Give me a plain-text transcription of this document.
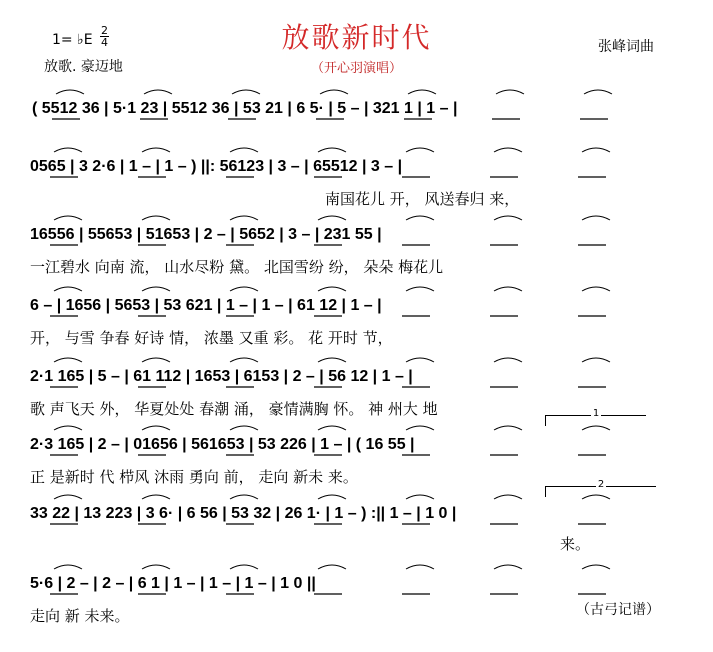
放歌新时代
（开心羽演唱）
1= ♭E
2
4
放歌. 豪迈地
张峰词曲
( 5512 36 | 5·1 23 | 5512 36 | 53 21 | 6 5· | 5 – | 321 1 | 1 – |
0565 | 3 2·6 | 1 – | 1 – ) ||: 56123 | 3 – | 65512 | 3 – |
南国花儿 开， 风送春归 来，
16556 | 55653 | 51653 | 2 – | 5652 | 3 – | 231 55 |
一江碧水 向南 流， 山水尽粉 黛。 北国雪纷 纷， 朵朵 梅花儿
6 – | 1656 | 5653 | 53 621 | 1 – | 1 – | 61 12 | 1 – |
开， 与雪 争春 好诗 情， 浓墨 又重 彩。 花 开时 节，
2·1 165 | 5 – | 61 112 | 1653 | 6153 | 2 – | 56 12 | 1 – |
歌 声飞天 外， 华夏处处 春潮 涌， 豪情满胸 怀。 神 州大 地
2·3 165 | 2 – | 01656 | 561653 | 53 226 | 1 – | ( 16 55 |
正 是新时 代 栉风 沐雨 勇向 前， 走向 新未 来。
33 22 | 13 223 | 3 6· | 6 56 | 53 32 | 26 1· | 1 – ) :|| 1 – | 1 0 |
5·6 | 2 – | 2 – | 6 1 | 1 – | 1 – | 1 – | 1 0 ||
走向 新 未来。
来。
（古弓记谱）
1
2
